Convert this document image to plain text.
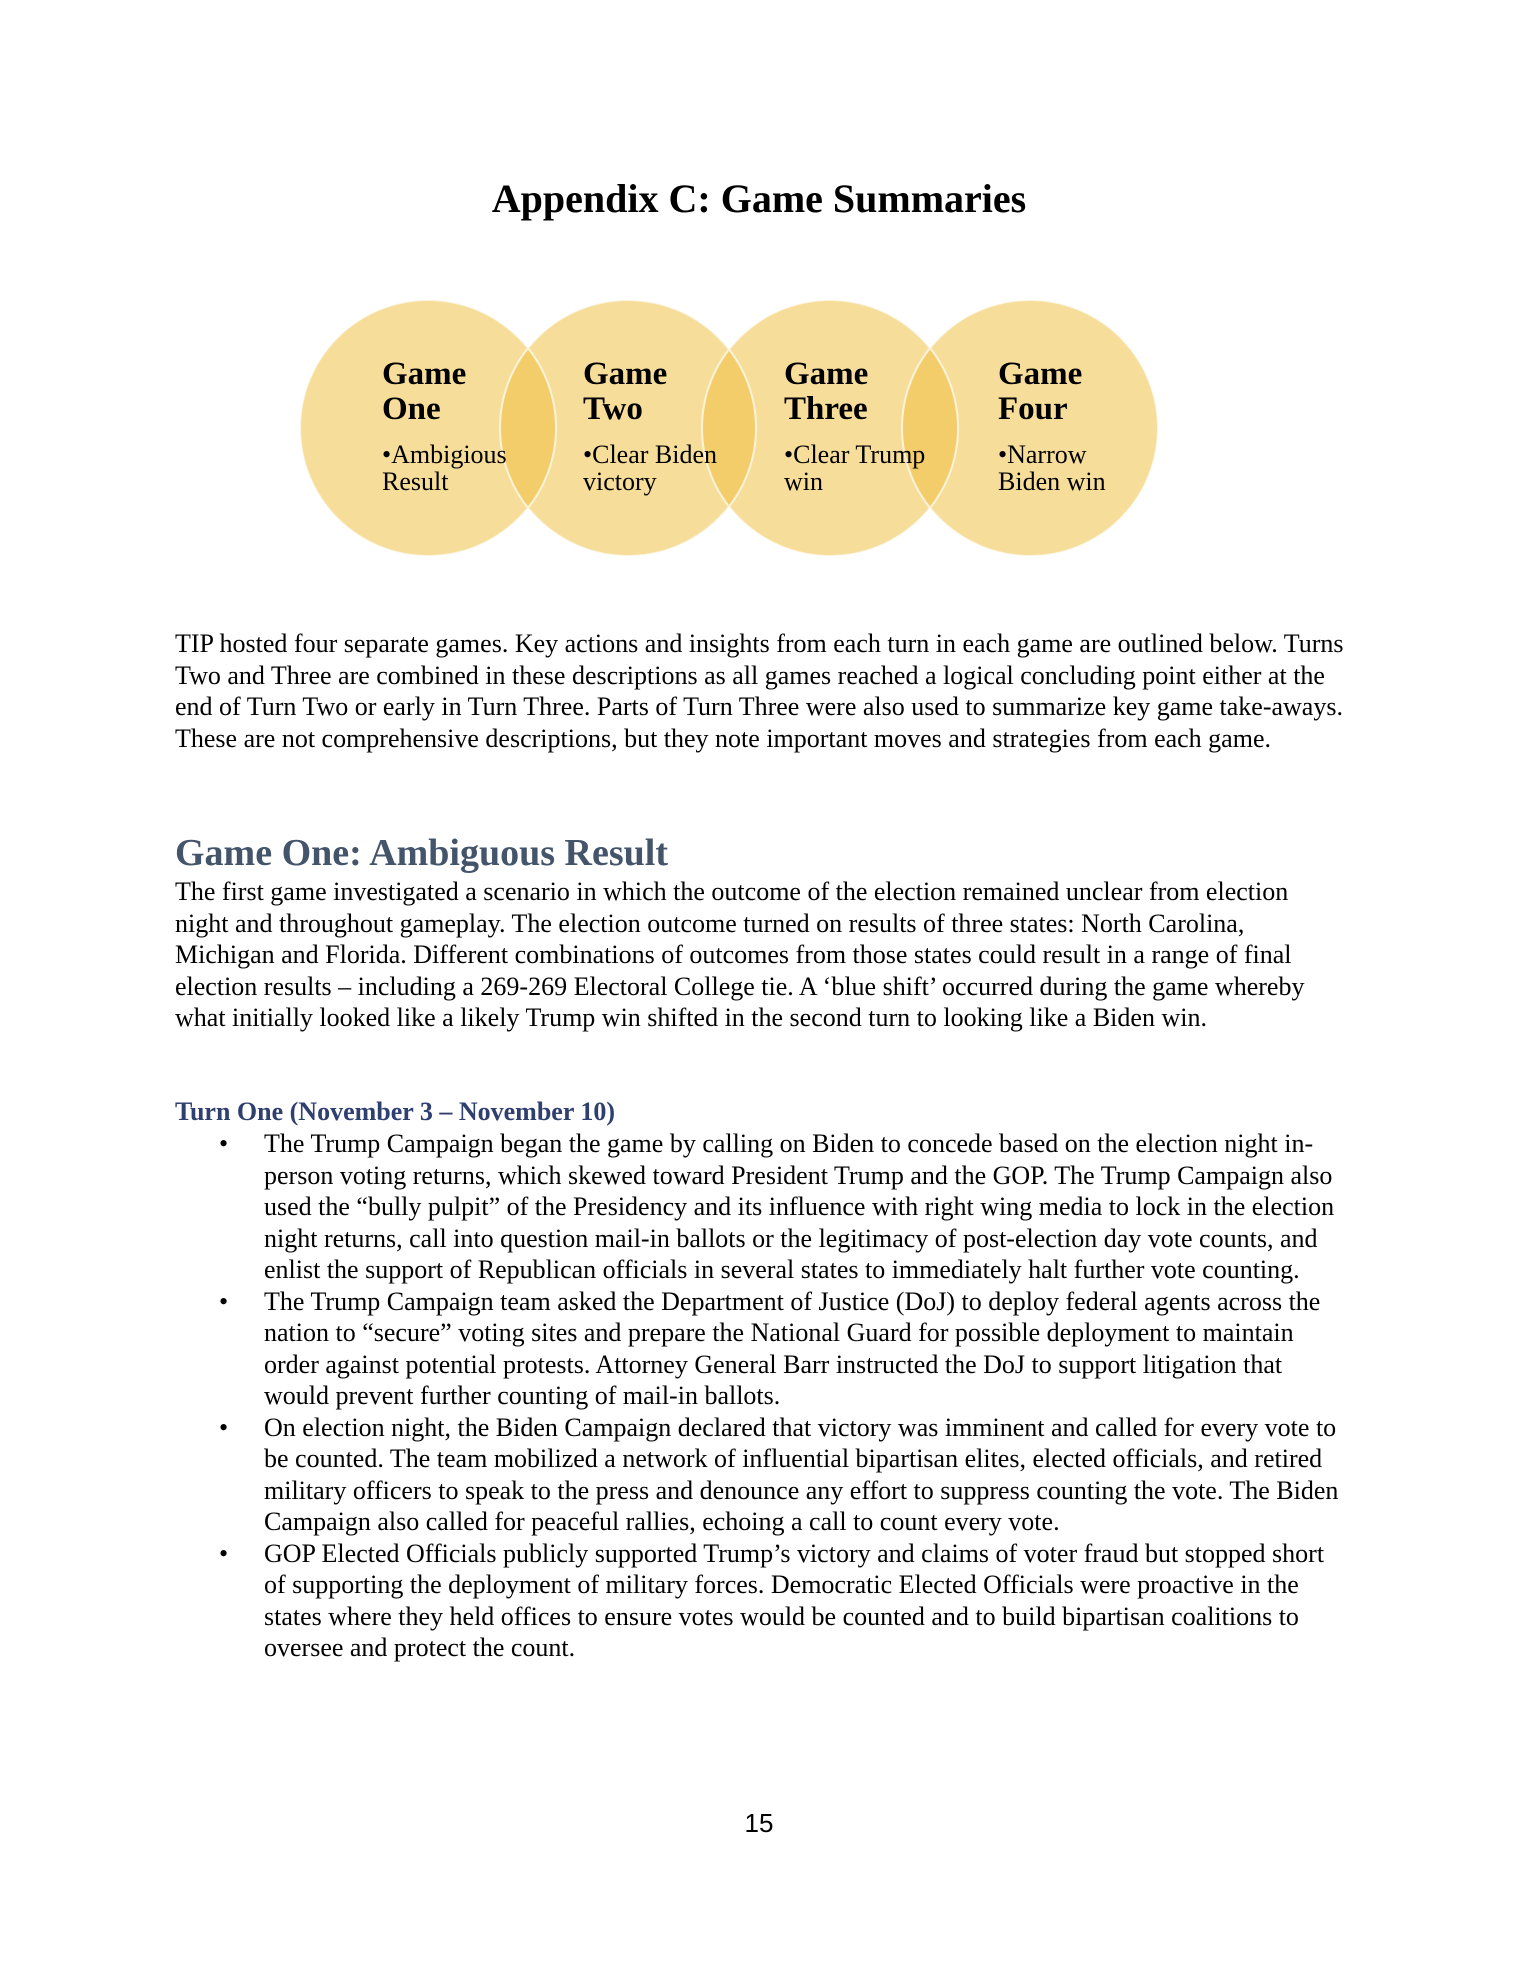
Appendix C: Game Summaries
Game
One
•Ambigious Result
Game
Two
•Clear Biden victory
Game
Three
•Clear Trump win
Game
Four
•Narrow Biden win

TIP hosted four separate games. Key actions and insights from each turn in each game are outlined below. Turns Two and Three are combined in these descriptions as all games reached a logical concluding point either at the end of Turn Two or early in Turn Three. Parts of Turn Three were also used to summarize key game take-aways. These are not comprehensive descriptions, but they note important moves and strategies from each game.

Game One: Ambiguous Result

The first game investigated a scenario in which the outcome of the election remained unclear from election night and throughout gameplay. The election outcome turned on results of three states: North Carolina, Michigan and Florida. Different combinations of outcomes from those states could result in a range of final election results – including a 269-269 Electoral College tie. A ‘blue shift’ occurred during the game whereby what initially looked like a likely Trump win shifted in the second turn to looking like a Biden win.

Turn One (November 3 – November 10)
• The Trump Campaign began the game by calling on Biden to concede based on the election night in-person voting returns, which skewed toward President Trump and the GOP. The Trump Campaign also used the “bully pulpit” of the Presidency and its influence with right wing media to lock in the election night returns, call into question mail-in ballots or the legitimacy of post-election day vote counts, and enlist the support of Republican officials in several states to immediately halt further vote counting.
• The Trump Campaign team asked the Department of Justice (DoJ) to deploy federal agents across the nation to “secure” voting sites and prepare the National Guard for possible deployment to maintain order against potential protests. Attorney General Barr instructed the DoJ to support litigation that would prevent further counting of mail-in ballots.
• On election night, the Biden Campaign declared that victory was imminent and called for every vote to be counted. The team mobilized a network of influential bipartisan elites, elected officials, and retired military officers to speak to the press and denounce any effort to suppress counting the vote. The Biden Campaign also called for peaceful rallies, echoing a call to count every vote.
• GOP Elected Officials publicly supported Trump’s victory and claims of voter fraud but stopped short of supporting the deployment of military forces. Democratic Elected Officials were proactive in the states where they held offices to ensure votes would be counted and to build bipartisan coalitions to oversee and protect the count.
15
